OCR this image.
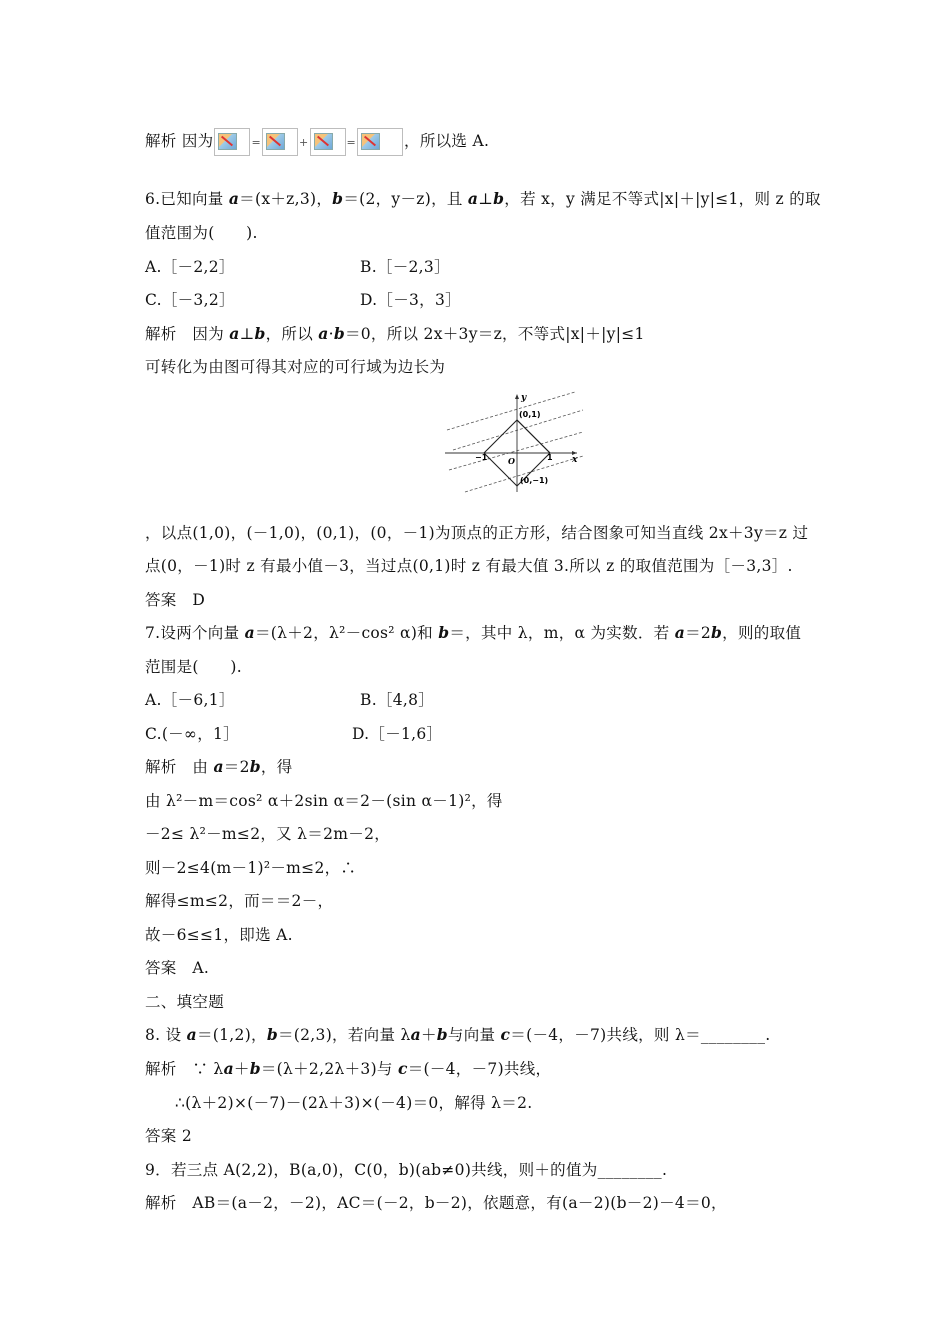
解析 因为	=	+	=	，所以选 A.
6.已知向量 a＝(x＋z,3)，b＝(2，y－z)，且 a⊥b，若 x，y 满足不等式|x|＋|y|≤1，则 z 的取
值范围为(　　).
A.［－2,2］	B.［－2,3］
C.［－3,2］	D.［－3，3］
解析　因为 a⊥b，所以 a·b＝0，所以 2x＋3y＝z，不等式|x|＋|y|≤1
可转化为由图可得其对应的可行域为边长为
y
x
(0,1)
(0,−1)
−1	1
O
，以点(1,0)，(－1,0)，(0,1)，(0，－1)为顶点的正方形，结合图象可知当直线 2x＋3y＝z 过
点(0，－1)时 z 有最小值－3，当过点(0,1)时 z 有最大值 3.所以 z 的取值范围为［－3,3］.
答案　D
7.设两个向量 a＝(λ＋2，λ²－cos² α)和 b＝，其中 λ，m，α 为实数．若 a＝2b，则的取值
范围是(　　).
A.［－6,1］	B.［4,8］
C.(－∞，1］	D.［－1,6］
解析　由 a＝2b，得
由 λ²－m＝cos² α＋2sin α＝2－(sin α－1)²，得
－2≤ λ²－m≤2，又 λ＝2m－2，
则－2≤4(m－1)²－m≤2，∴
解得≤m≤2，而＝＝2－，
故－6≤≤1，即选 A.
答案　A.
二、填空题
8. 设 a＝(1,2)，b＝(2,3)，若向量 λa＋b与向量 c＝(－4，－7)共线，则 λ＝________.
解析　∵ λa＋b＝(λ＋2,2λ＋3)与 c＝(－4，－7)共线，
∴(λ＋2)×(－7)－(2λ＋3)×(－4)＝0，解得 λ＝2.
答案 2
9．若三点 A(2,2)，B(a,0)，C(0，b)(ab≠0)共线，则＋的值为________.
解析　AB＝(a－2，－2)，AC＝(－2，b－2)，依题意，有(a－2)(b－2)－4＝0，
